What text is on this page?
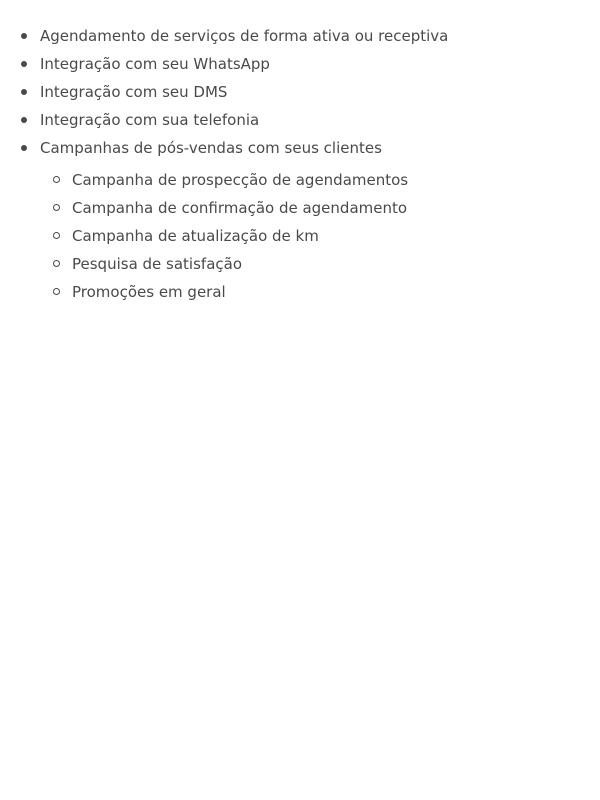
Agendamento de serviços de forma ativa ou receptiva
Integração com seu WhatsApp
Integração com seu DMS
Integração com sua telefonia
Campanhas de pós-vendas com seus clientes
Campanha de prospecção de agendamentos
Campanha de confirmação de agendamento
Campanha de atualização de km
Pesquisa de satisfação
Promoções em geral
